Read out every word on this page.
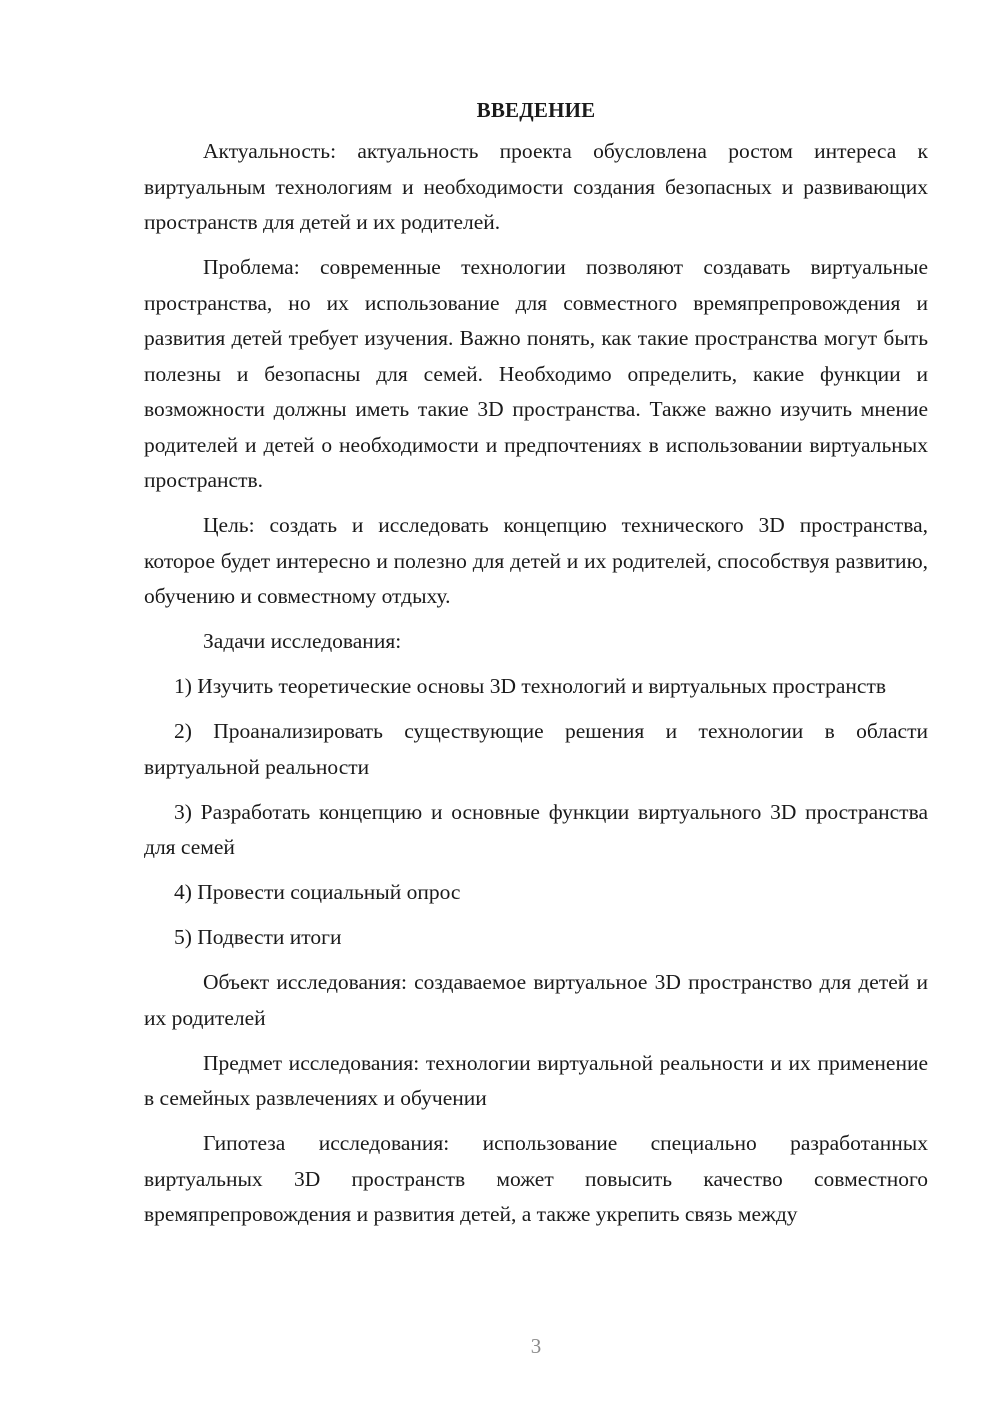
ВВЕДЕНИЕ

Актуальность: актуальность проекта обусловлена ростом интереса к виртуальным технологиям и необходимости создания безопасных и развивающих пространств для детей и их родителей.

Проблема: современные технологии позволяют создавать виртуальные пространства, но их использование для совместного времяпрепровождения и развития детей требует изучения. Важно понять, как такие пространства могут быть полезны и безопасны для семей. Необходимо определить, какие функции и возможности должны иметь такие 3D пространства. Также важно изучить мнение родителей и детей о необходимости и предпочтениях в использовании виртуальных пространств.

Цель: создать и исследовать концепцию технического 3D пространства, которое будет интересно и полезно для детей и их родителей, способствуя развитию, обучению и совместному отдыху.

Задачи исследования:

1) Изучить теоретические основы 3D технологий и виртуальных пространств

2) Проанализировать существующие решения и технологии в области виртуальной реальности

3) Разработать концепцию и основные функции виртуального 3D пространства для семей

4) Провести социальный опрос

5) Подвести итоги

Объект исследования: создаваемое виртуальное 3D пространство для детей и их родителей

Предмет исследования: технологии виртуальной реальности и их применение в семейных развлечениях и обучении

Гипотеза исследования: использование специально разработанных виртуальных 3D пространств может повысить качество совместного времяпрепровождения и развития детей, а также укрепить связь между

3
